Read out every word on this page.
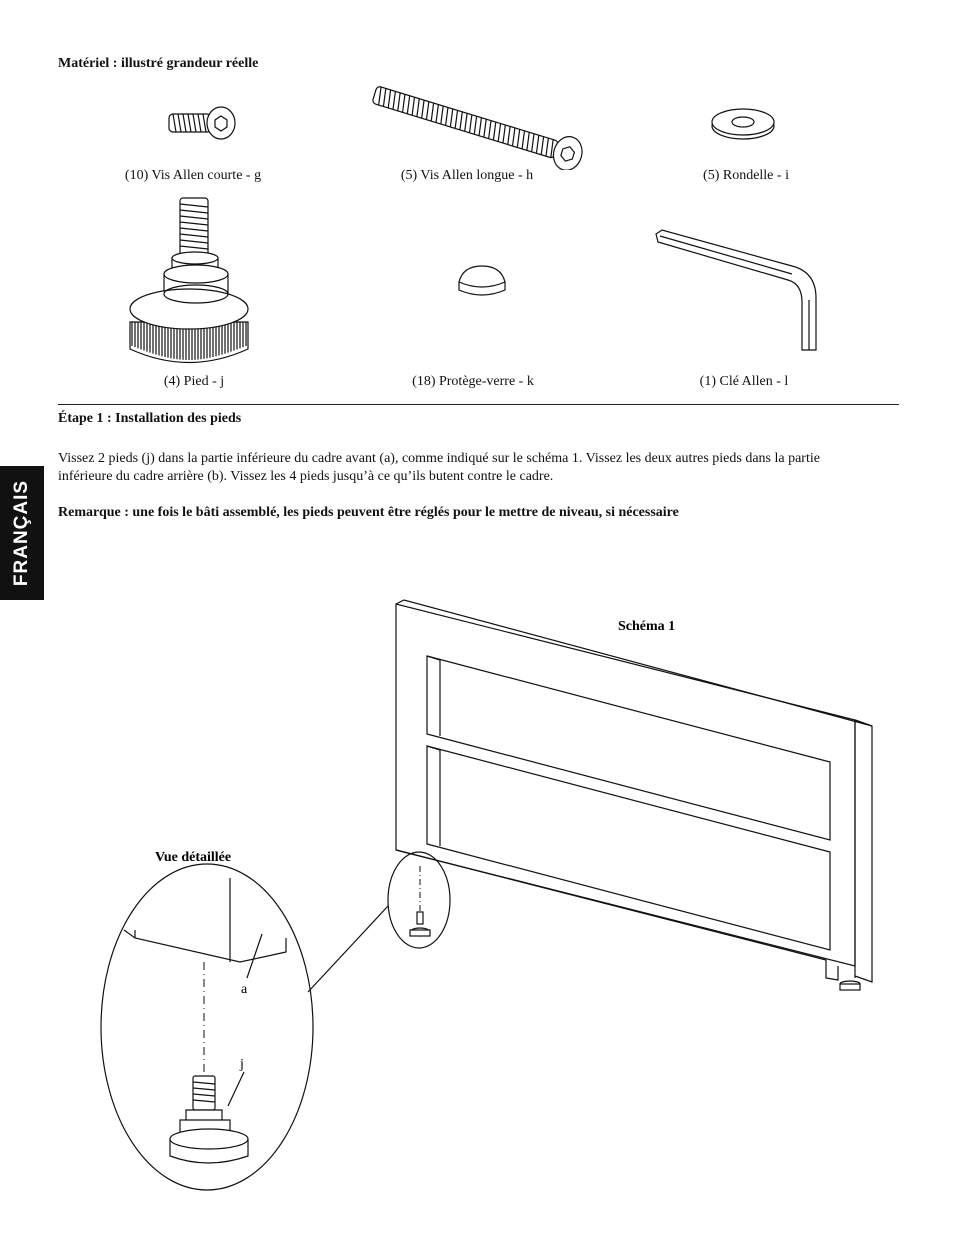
FRANÇAIS
Matériel : illustré grandeur réelle
(10) Vis Allen courte - g	(5) Vis Allen longue - h	(5) Rondelle - i
(4) Pied - j	(18) Protège-verre - k	(1) Clé Allen - l
Étape 1 : Installation des pieds
Vissez 2 pieds (j) dans la partie inférieure du cadre avant (a), comme indiqué sur le schéma 1. Vissez les deux autres pieds dans la partie
inférieure du cadre arrière (b). Vissez les 4 pieds jusqu’à ce qu’ils butent contre le cadre.
Remarque : une fois le bâti assemblé, les pieds peuvent être réglés pour le mettre de niveau, si nécessaire
Schéma 1
Vue détaillée
a
j
